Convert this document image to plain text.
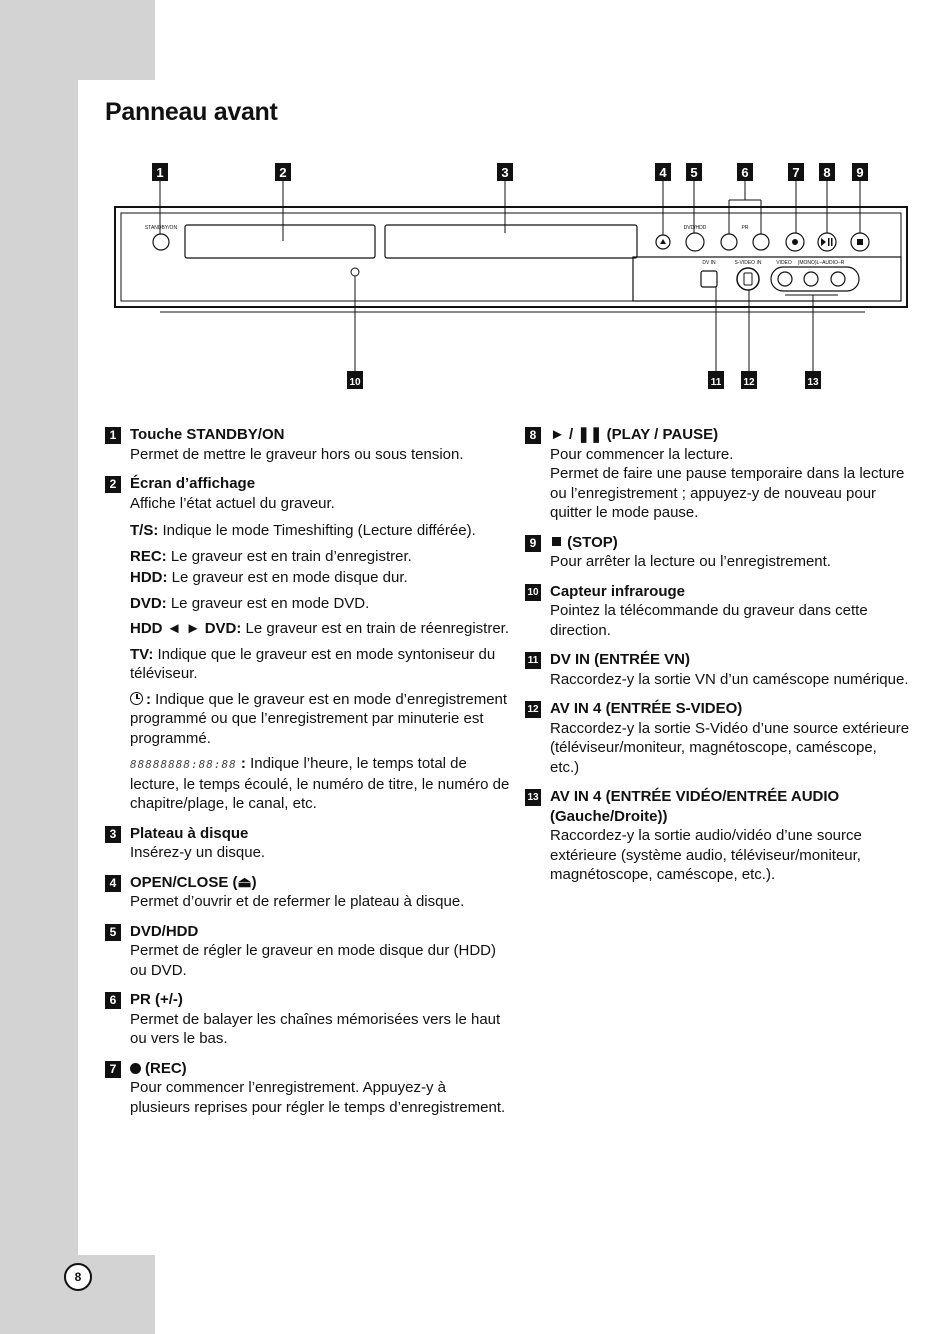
8
Panneau avant
1	2	3	4 5	6	7 8 9
10	11 12	13
STANDBY/ON	DVD/HDD	PR
DV IN	S-VIDEO IN	VIDEO (MONO)L–AUDIO–R
1 Touche STANDBY/ON
Permet de mettre le graveur hors ou sous tension.
2 Écran d’affichage
Affiche l’état actuel du graveur.
T/S: Indique le mode Timeshifting (Lecture différée).
REC: Le graveur est en train d’enregistrer.
HDD: Le graveur est en mode disque dur.
DVD: Le graveur est en mode DVD.
HDD ◄ ► DVD: Le graveur est en train de réenregistrer.
TV: Indique que le graveur est en mode syntoniseur du téléviseur.
: Indique que le graveur est en mode d’enregistrement programmé ou que l’enregistrement par minuterie est programmé.
88888888:88:88 : Indique l’heure, le temps total de lecture, le temps écoulé, le numéro de titre, le numéro de chapitre/plage, le canal, etc.
3 Plateau à disque
Insérez-y un disque.
4 OPEN/CLOSE (⏏)
Permet d’ouvrir et de refermer le plateau à disque.
5 DVD/HDD
Permet de régler le graveur en mode disque dur (HDD) ou DVD.
6 PR (+/-)
Permet de balayer les chaînes mémorisées vers le haut ou vers le bas.
7	(REC)
Pour commencer l’enregistrement. Appuyez-y à plusieurs reprises pour régler le temps d’enregistrement.
8 ► / ❚❚ (PLAY / PAUSE)
Pour commencer la lecture.
Permet de faire une pause temporaire dans la lecture ou l’enregistrement ; appuyez-y de nouveau pour quitter le mode pause.
9	(STOP)
Pour arrêter la lecture ou l’enregistrement.
10 Capteur infrarouge
Pointez la télécommande du graveur dans cette direction.
11 DV IN (ENTRÉE VN)
Raccordez-y la sortie VN d’un caméscope numérique.
12 AV IN 4 (ENTRÉE S-VIDEO)
Raccordez-y la sortie S-Vidéo d’une source extérieure (téléviseur/moniteur, magnétoscope, caméscope, etc.)
13 AV IN 4 (ENTRÉE VIDÉO/ENTRÉE AUDIO (Gauche/Droite))
Raccordez-y la sortie audio/vidéo d’une source extérieure (système audio, téléviseur/moniteur, magnétoscope, caméscope, etc.).
